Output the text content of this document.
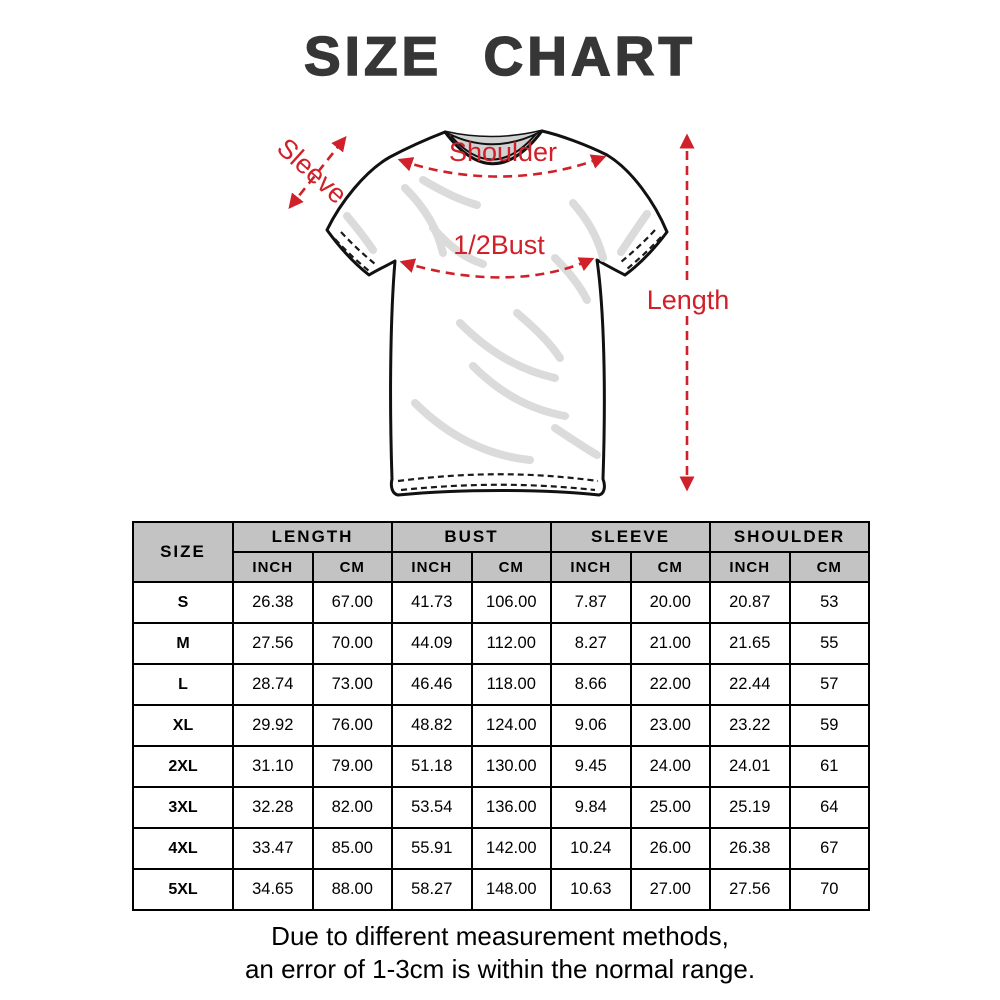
SIZE CHART
Shoulder
1/2Bust
Sleeve
Length
SIZE	LENGTH		BUST		SLEEVE		SHOULDER	
	INCH	CM	INCH	CM	INCH	CM	INCH	CM
S	26.38	67.00	41.73	106.00	7.87	20.00	20.87	53
M	27.56	70.00	44.09	112.00	8.27	21.00	21.65	55
L	28.74	73.00	46.46	118.00	8.66	22.00	22.44	57
XL	29.92	76.00	48.82	124.00	9.06	23.00	23.22	59
2XL	31.10	79.00	51.18	130.00	9.45	24.00	24.01	61
3XL	32.28	82.00	53.54	136.00	9.84	25.00	25.19	64
4XL	33.47	85.00	55.91	142.00	10.24	26.00	26.38	67
5XL	34.65	88.00	58.27	148.00	10.63	27.00	27.56	70
Due to different measurement methods,
an error of 1-3cm is within the normal range.
